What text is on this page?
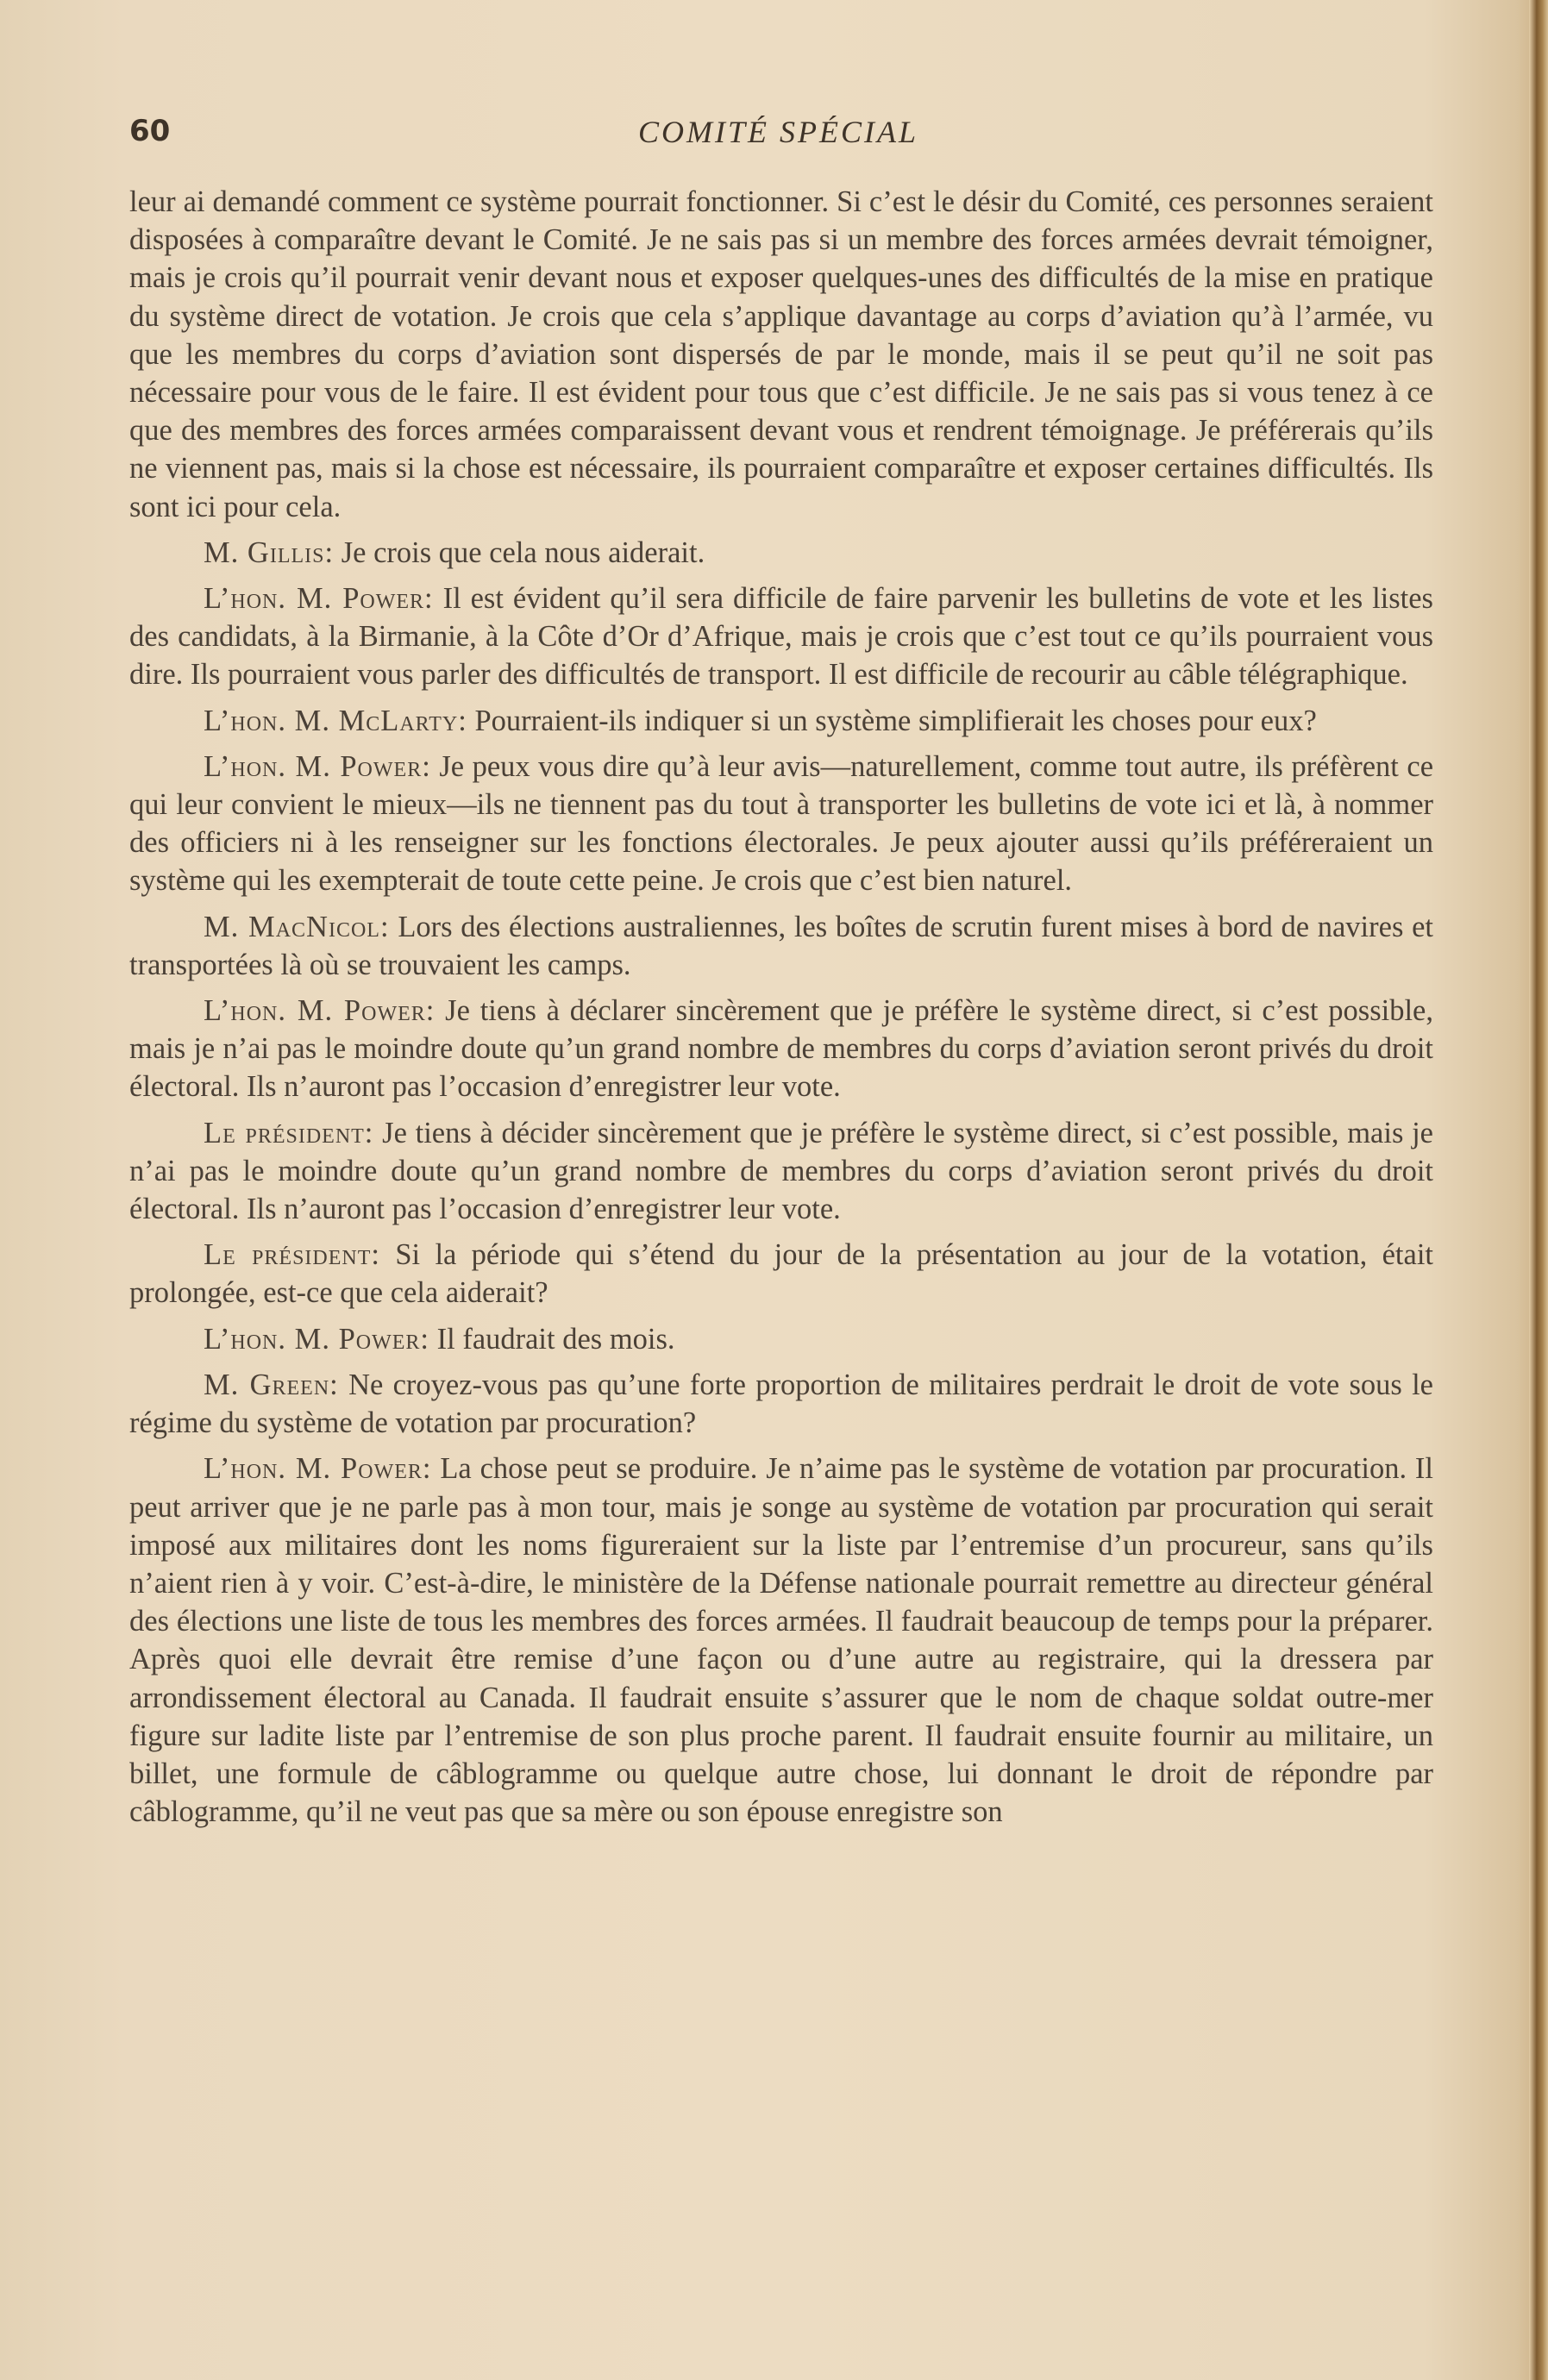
60	COMITÉ SPÉCIAL

leur ai demandé comment ce système pourrait fonctionner. Si c’est le désir du Comité, ces personnes seraient disposées à comparaître devant le Comité. Je ne sais pas si un membre des forces armées devrait témoigner, mais je crois qu’il pourrait venir devant nous et exposer quelques-unes des difficultés de la mise en pratique du système direct de votation. Je crois que cela s’applique davantage au corps d’aviation qu’à l’armée, vu que les membres du corps d’aviation sont dispersés de par le monde, mais il se peut qu’il ne soit pas nécessaire pour vous de le faire. Il est évident pour tous que c’est difficile. Je ne sais pas si vous tenez à ce que des membres des forces armées comparaissent devant vous et rendrent témoignage. Je préférerais qu’ils ne viennent pas, mais si la chose est nécessaire, ils pourraient comparaître et exposer certaines difficultés. Ils sont ici pour cela.

M. Gillis: Je crois que cela nous aiderait.

L’hon. M. Power: Il est évident qu’il sera difficile de faire parvenir les bulletins de vote et les listes des candidats, à la Birmanie, à la Côte d’Or d’Afrique, mais je crois que c’est tout ce qu’ils pourraient vous dire. Ils pourraient vous parler des difficultés de transport. Il est difficile de recourir au câble télégraphique.

L’hon. M. McLarty: Pourraient-ils indiquer si un système simplifierait les choses pour eux?

L’hon. M. Power: Je peux vous dire qu’à leur avis—naturellement, comme tout autre, ils préfèrent ce qui leur convient le mieux—ils ne tiennent pas du tout à transporter les bulletins de vote ici et là, à nommer des officiers ni à les renseigner sur les fonctions électorales. Je peux ajouter aussi qu’ils préféreraient un système qui les exempterait de toute cette peine. Je crois que c’est bien naturel.

M. MacNicol: Lors des élections australiennes, les boîtes de scrutin furent mises à bord de navires et transportées là où se trouvaient les camps.

L’hon. M. Power: Je tiens à déclarer sincèrement que je préfère le système direct, si c’est possible, mais je n’ai pas le moindre doute qu’un grand nombre de membres du corps d’aviation seront privés du droit électoral. Ils n’auront pas l’occasion d’enregistrer leur vote.

Le président: Je tiens à décider sincèrement que je préfère le système direct, si c’est possible, mais je n’ai pas le moindre doute qu’un grand nombre de membres du corps d’aviation seront privés du droit électoral. Ils n’auront pas l’occasion d’enregistrer leur vote.

Le président: Si la période qui s’étend du jour de la présentation au jour de la votation, était prolongée, est-ce que cela aiderait?

L’hon. M. Power: Il faudrait des mois.

M. Green: Ne croyez-vous pas qu’une forte proportion de militaires perdrait le droit de vote sous le régime du système de votation par procuration?

L’hon. M. Power: La chose peut se produire. Je n’aime pas le système de votation par procuration. Il peut arriver que je ne parle pas à mon tour, mais je songe au système de votation par procuration qui serait imposé aux militaires dont les noms figureraient sur la liste par l’entremise d’un procureur, sans qu’ils n’aient rien à y voir. C’est-à-dire, le ministère de la Défense nationale pourrait remettre au directeur général des élections une liste de tous les membres des forces armées. Il faudrait beaucoup de temps pour la préparer. Après quoi elle devrait être remise d’une façon ou d’une autre au registraire, qui la dressera par arrondissement électoral au Canada. Il faudrait ensuite s’assurer que le nom de chaque soldat outre-mer figure sur ladite liste par l’entremise de son plus proche parent. Il faudrait ensuite fournir au militaire, un billet, une formule de câblogramme ou quelque autre chose, lui donnant le droit de répondre par câblogramme, qu’il ne veut pas que sa mère ou son épouse enregistre son
